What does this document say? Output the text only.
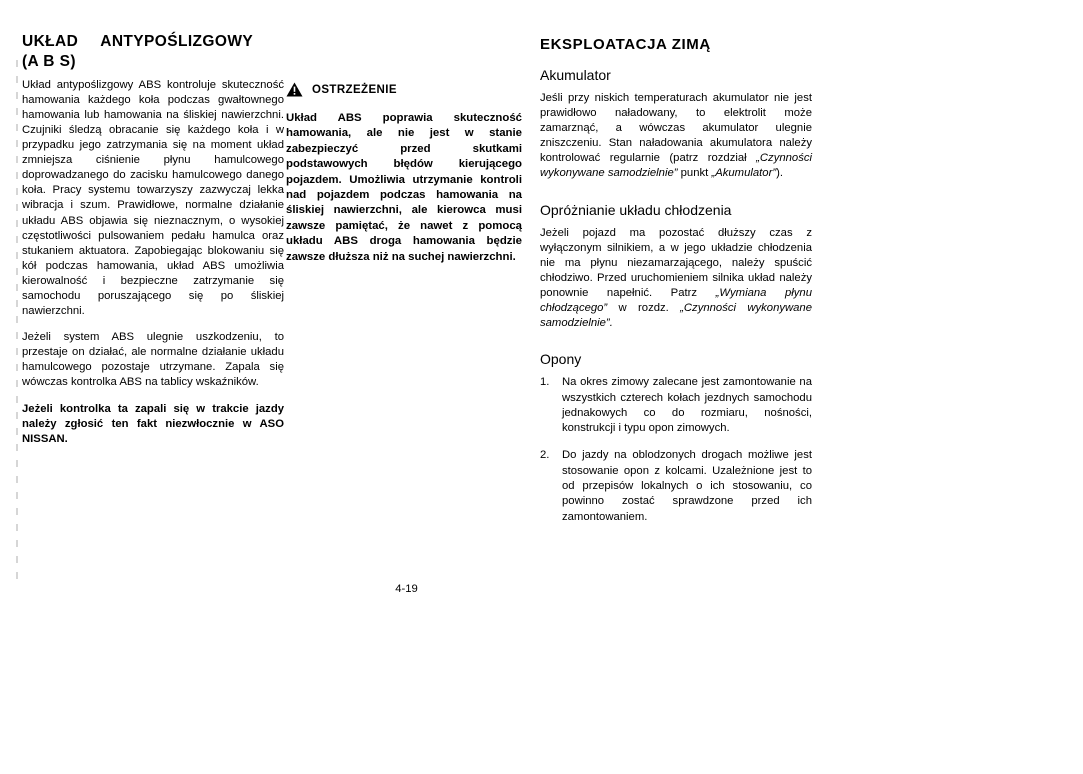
UKŁAD ANTYPOŚLIZGOWY
(A B S)

Układ antypoślizgowy ABS kontroluje skuteczność hamowania każdego koła podczas gwałtownego hamowania lub hamowania na śliskiej nawierzchni. Czujniki śledzą obracanie się każdego koła i w przypadku jego zatrzymania się na moment układ zmniejsza ciśnienie płynu hamulcowego doprowadzanego do zacisku hamulcowego danego koła. Pracy systemu towarzyszy zazwyczaj lekka wibracja i szum. Prawidłowe, normalne działanie układu ABS objawia się nieznacznym, o wysokiej częstotliwości pulsowaniem pedału hamulca oraz stukaniem aktuatora. Zapobiegając blokowaniu się kół podczas hamowania, układ ABS umożliwia kierowalność i bezpieczne zatrzymanie się samochodu poruszającego się po śliskiej nawierzchni.

Jeżeli system ABS ulegnie uszkodzeniu, to przestaje on działać, ale normalne działanie układu hamulcowego pozostaje utrzymane. Zapala się wówczas kontrolka ABS na tablicy wskaźników.

Jeżeli kontrolka ta zapali się w trakcie jazdy należy zgłosić ten fakt niezwłocznie w ASO NISSAN.

OSTRZEŻENIE

Układ ABS poprawia skuteczność hamowania, ale nie jest w stanie zabezpieczyć przed skutkami podstawowych błędów kierującego pojazdem. Umożliwia utrzymanie kontroli nad pojazdem podczas hamowania na śliskiej nawierzchni, ale kierowca musi zawsze pamiętać, że nawet z pomocą układu ABS droga hamowania będzie zawsze dłuższa niż na suchej nawierzchni.

EKSPLOATACJA ZIMĄ
Akumulator

Jeśli przy niskich temperaturach akumulator nie jest prawidłowo naładowany, to elektrolit może zamarznąć, a wówczas akumulator ulegnie zniszczeniu. Stan naładowania akumulatora należy kontrolować regularnie (patrz rozdział „Czynności wykonywane samodzielnie” punkt „Akumulator”).

Opróżnianie układu chłodzenia

Jeżeli pojazd ma pozostać dłuższy czas z wyłączonym silnikiem, a w jego układzie chłodzenia nie ma płynu niezamarzającego, należy spuścić chłodziwo. Przed uruchomieniem silnika układ należy ponownie napełnić. Patrz „Wymiana płynu chłodzącego” w rozdz. „Czynności wykonywane samodzielnie”.

Opony
1.	Na okres zimowy zalecane jest zamontowanie na wszystkich czterech kołach jezdnych samochodu jednakowych co do rozmiaru, nośności, konstrukcji i typu opon zimowych.
2.	Do jazdy na oblodzonych drogach możliwe jest stosowanie opon z kolcami. Uzależnione jest to od przepisów lokalnych o ich stosowaniu, co powinno zostać sprawdzone przed ich zamontowaniem.
4-19
